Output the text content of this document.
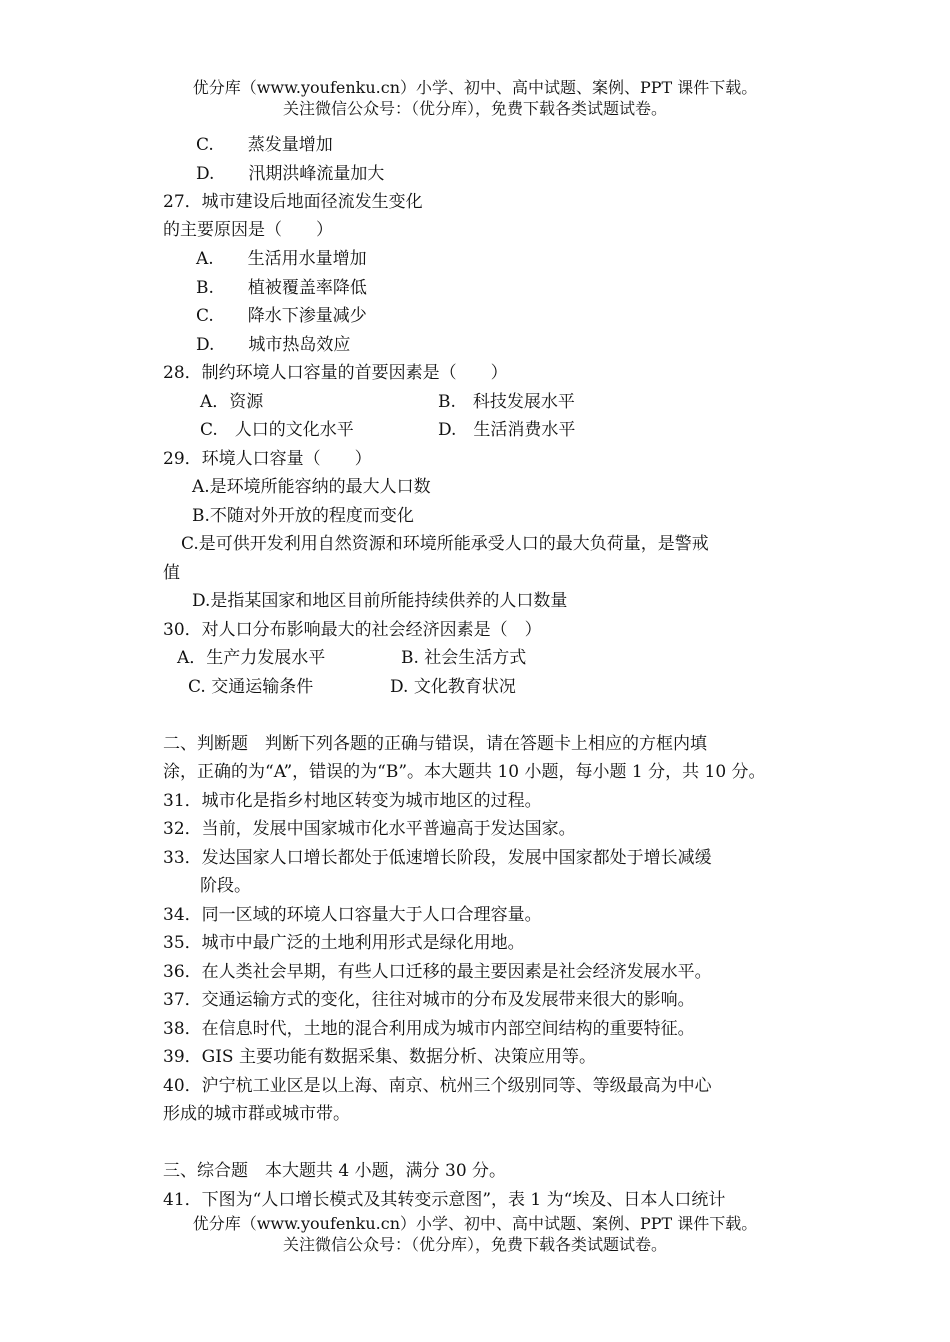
优分库（www.youfenku.cn）小学、初中、高中试题、案例、PPT 课件下载。
关注微信公众号：（优分库），免费下载各类试题试卷。
C.　　蒸发量增加
D.　　汛期洪峰流量加大
27．城市建设后地面径流发生变化
的主要原因是（　　）
A.　　生活用水量增加
B.　　植被覆盖率降低
C.　　降水下渗量减少
D.　　城市热岛效应
28．制约环境人口容量的首要因素是（　　）
A．资源	B.　科技发展水平
C.　人口的文化水平	D.　生活消费水平
29．环境人口容量（　　）
A.是环境所能容纳的最大人口数
B.不随对外开放的程度而变化
C.是可供开发利用自然资源和环境所能承受人口的最大负荷量，是警戒
值
D.是指某国家和地区目前所能持续供养的人口数量
30．对人口分布影响最大的社会经济因素是（　）
A．生产力发展水平	B. 社会生活方式
C. 交通运输条件	D. 文化教育状况
二、判断题　判断下列各题的正确与错误，请在答题卡上相应的方框内填
涂，正确的为“A”，错误的为“B”。本大题共 10 小题，每小题 1 分，共 10 分。
31．城市化是指乡村地区转变为城市地区的过程。
32．当前，发展中国家城市化水平普遍高于发达国家。
33．发达国家人口增长都处于低速增长阶段，发展中国家都处于增长减缓
阶段。
34．同一区域的环境人口容量大于人口合理容量。
35．城市中最广泛的土地利用形式是绿化用地。
36．在人类社会早期，有些人口迁移的最主要因素是社会经济发展水平。
37．交通运输方式的变化，往往对城市的分布及发展带来很大的影响。
38．在信息时代，土地的混合利用成为城市内部空间结构的重要特征。
39．GIS 主要功能有数据采集、数据分析、决策应用等。
40．沪宁杭工业区是以上海、南京、杭州三个级别同等、等级最高为中心
形成的城市群或城市带。
三、综合题　本大题共 4 小题，满分 30 分。
41．下图为“人口增长模式及其转变示意图”，表 1 为“埃及、日本人口统计
优分库（www.youfenku.cn）小学、初中、高中试题、案例、PPT 课件下载。
关注微信公众号：（优分库），免费下载各类试题试卷。
